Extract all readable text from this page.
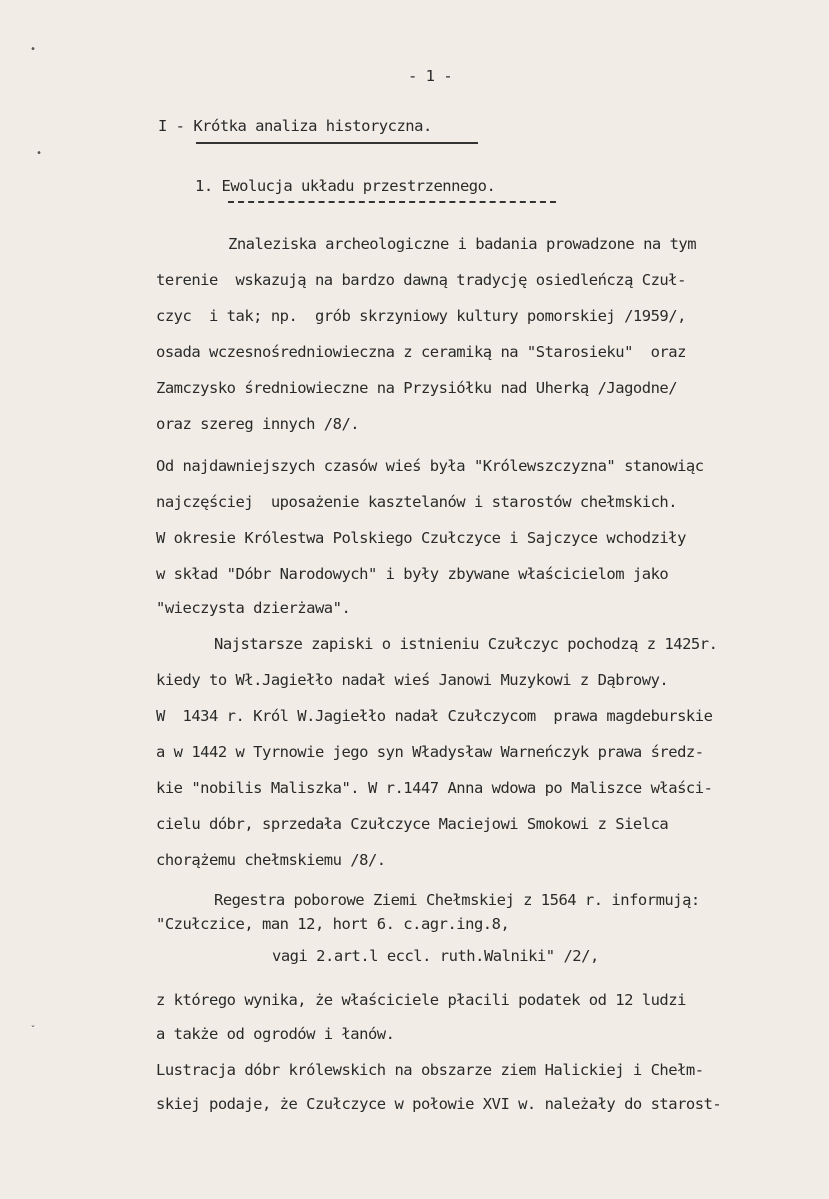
•
•
ˇ
- 1 -
I - Krótka analiza historyczna.
1. Ewolucja układu przestrzennego.
Znaleziska archeologiczne i badania prowadzone na tym
terenie  wskazują na bardzo dawną tradycję osiedleńczą Czuł-
czyc  i tak; np.  grób skrzyniowy kultury pomorskiej /1959/,
osada wczesnośredniowieczna z ceramiką na "Starosieku"  oraz
Zamczysko średniowieczne na Przysiółku nad Uherką /Jagodne/
oraz szereg innych /8/.
Od najdawniejszych czasów wieś była "Królewszczyzna" stanowiąc
najczęściej  uposażenie kasztelanów i starostów chełmskich.
W okresie Królestwa Polskiego Czułczyce i Sajczyce wchodziły
w skład "Dóbr Narodowych" i były zbywane właścicielom jako
"wieczysta dzierżawa".
Najstarsze zapiski o istnieniu Czułczyc pochodzą z 1425r.
kiedy to Wł.Jagiełło nadał wieś Janowi Muzykowi z Dąbrowy.
W  1434 r. Król W.Jagiełło nadał Czułczycom  prawa magdeburskie
a w 1442 w Tyrnowie jego syn Władysław Warneńczyk prawa średz-
kie "nobilis Maliszka". W r.1447 Anna wdowa po Maliszce właści-
cielu dóbr, sprzedała Czułczyce Maciejowi Smokowi z Sielca
chorążemu chełmskiemu /8/.
Regestra poborowe Ziemi Chełmskiej z 1564 r. informują:
"Czułczice, man 12, hort 6. c.agr.ing.8,
vagi 2.art.l eccl. ruth.Walniki" /2/,
z którego wynika, że właściciele płacili podatek od 12 ludzi
a także od ogrodów i łanów.
Lustracja dóbr królewskich na obszarze ziem Halickiej i Chełm-
skiej podaje, że Czułczyce w połowie XVI w. należały do starost-
